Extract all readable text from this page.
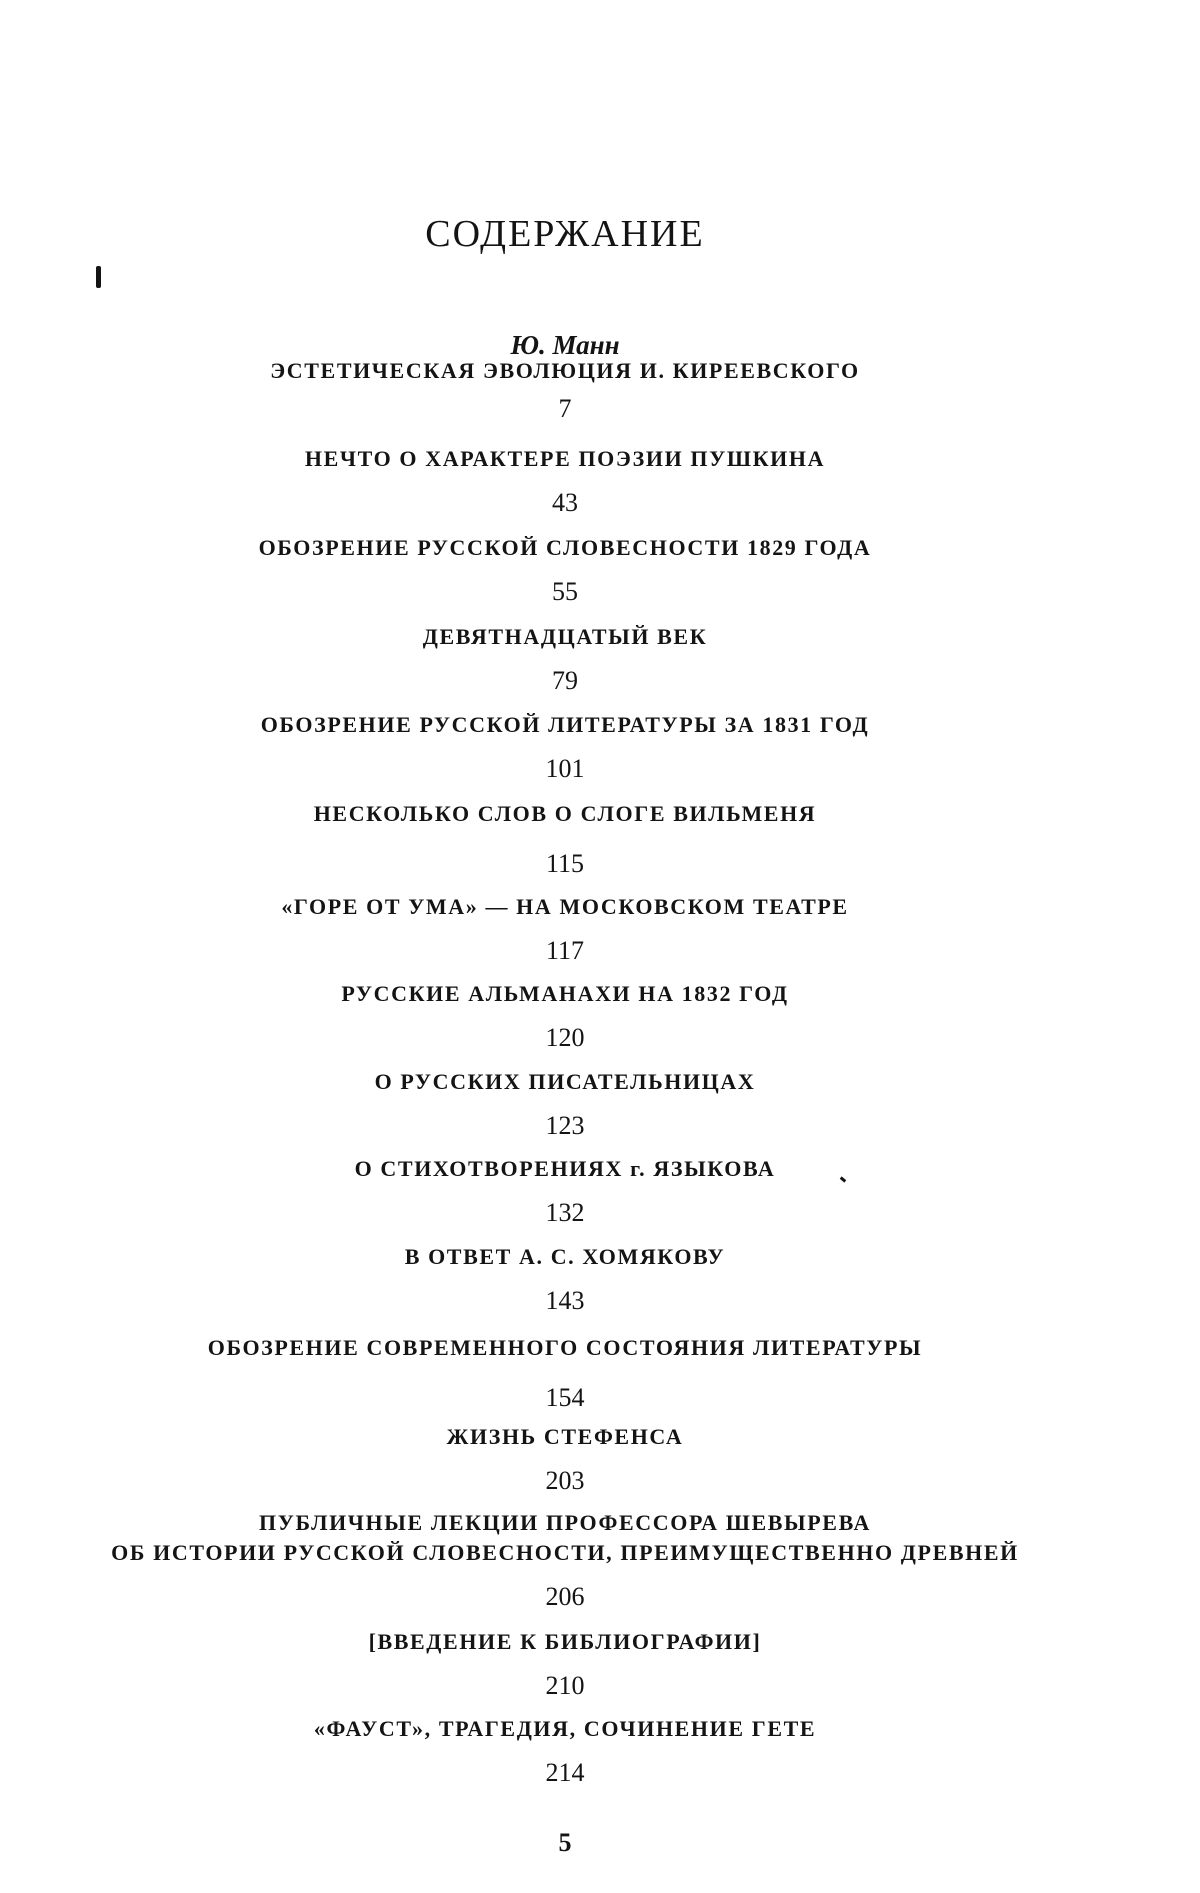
СОДЕРЖАНИЕ
Ю. Манн
ЭСТЕТИЧЕСКАЯ ЭВОЛЮЦИЯ И. КИРЕЕВСКОГО
7
НЕЧТО О ХАРАКТЕРЕ ПОЭЗИИ ПУШКИНА
43
ОБОЗРЕНИЕ РУССКОЙ СЛОВЕСНОСТИ 1829 ГОДА
55
ДЕВЯТНАДЦАТЫЙ ВЕК
79
ОБОЗРЕНИЕ РУССКОЙ ЛИТЕРАТУРЫ ЗА 1831 ГОД
101
НЕСКОЛЬКО СЛОВ О СЛОГЕ ВИЛЬМЕНЯ
115
«ГОРЕ ОТ УМА» — НА МОСКОВСКОМ ТЕАТРЕ
117
РУССКИЕ АЛЬМАНАХИ НА 1832 ГОД
120
О РУССКИХ ПИСАТЕЛЬНИЦАХ
123
О СТИХОТВОРЕНИЯХ г. ЯЗЫКОВА
132
В ОТВЕТ А. С. ХОМЯКОВУ
143
ОБОЗРЕНИЕ СОВРЕМЕННОГО СОСТОЯНИЯ ЛИТЕРАТУРЫ
154
ЖИЗНЬ СТЕФЕНСА
203
ПУБЛИЧНЫЕ ЛЕКЦИИ ПРОФЕССОРА ШЕВЫРЕВА
ОБ ИСТОРИИ РУССКОЙ СЛОВЕСНОСТИ, ПРЕИМУЩЕСТВЕННО ДРЕВНЕЙ
206
[ВВЕДЕНИЕ К БИБЛИОГРАФИИ]
210
«ФАУСТ», ТРАГЕДИЯ, СОЧИНЕНИЕ ГЕТЕ
214
5
